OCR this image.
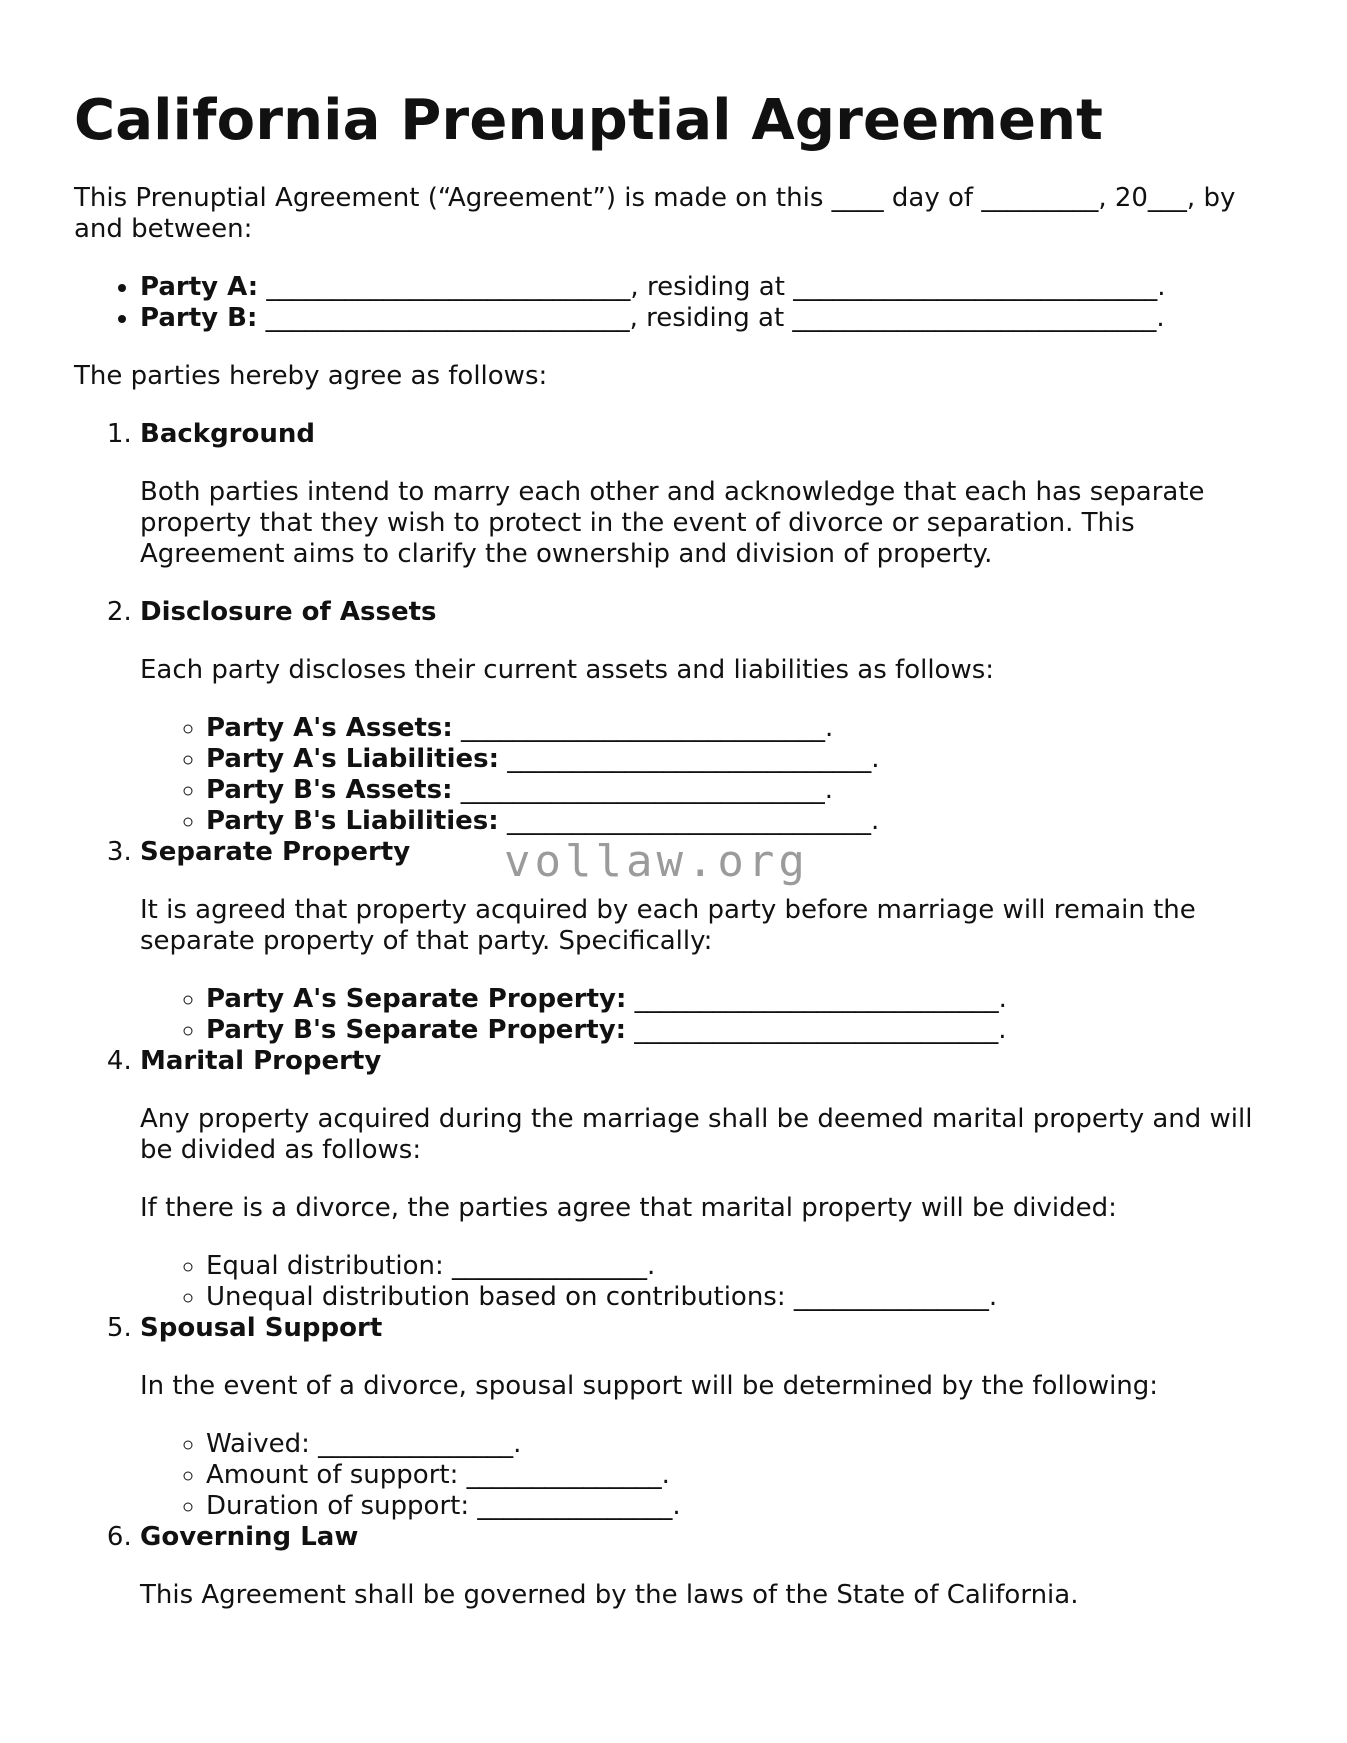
California Prenuptial Agreement

This Prenuptial Agreement (“Agreement”) is made on this ____ day of _________, 20___, by and between:

• Party A: ____________________________, residing at ____________________________.
• Party B: ____________________________, residing at ____________________________.

The parties hereby agree as follows:

1. Background

Both parties intend to marry each other and acknowledge that each has separate property that they wish to protect in the event of divorce or separation. This Agreement aims to clarify the ownership and division of property.

2. Disclosure of Assets

Each party discloses their current assets and liabilities as follows:

◦ Party A's Assets: ____________________________.
◦ Party A's Liabilities: ____________________________.
◦ Party B's Assets: ____________________________.
◦ Party B's Liabilities: ____________________________.
3. Separate Property

It is agreed that property acquired by each party before marriage will remain the separate property of that party. Specifically:

◦ Party A's Separate Property: ____________________________.
◦ Party B's Separate Property: ____________________________.
4. Marital Property

Any property acquired during the marriage shall be deemed marital property and will be divided as follows:

If there is a divorce, the parties agree that marital property will be divided:

◦ Equal distribution: _______________.
◦ Unequal distribution based on contributions: _______________.
5. Spousal Support

In the event of a divorce, spousal support will be determined by the following:

◦ Waived: _______________.
◦ Amount of support: _______________.
◦ Duration of support: _______________.
6. Governing Law

This Agreement shall be governed by the laws of the State of California.

vollaw.org
